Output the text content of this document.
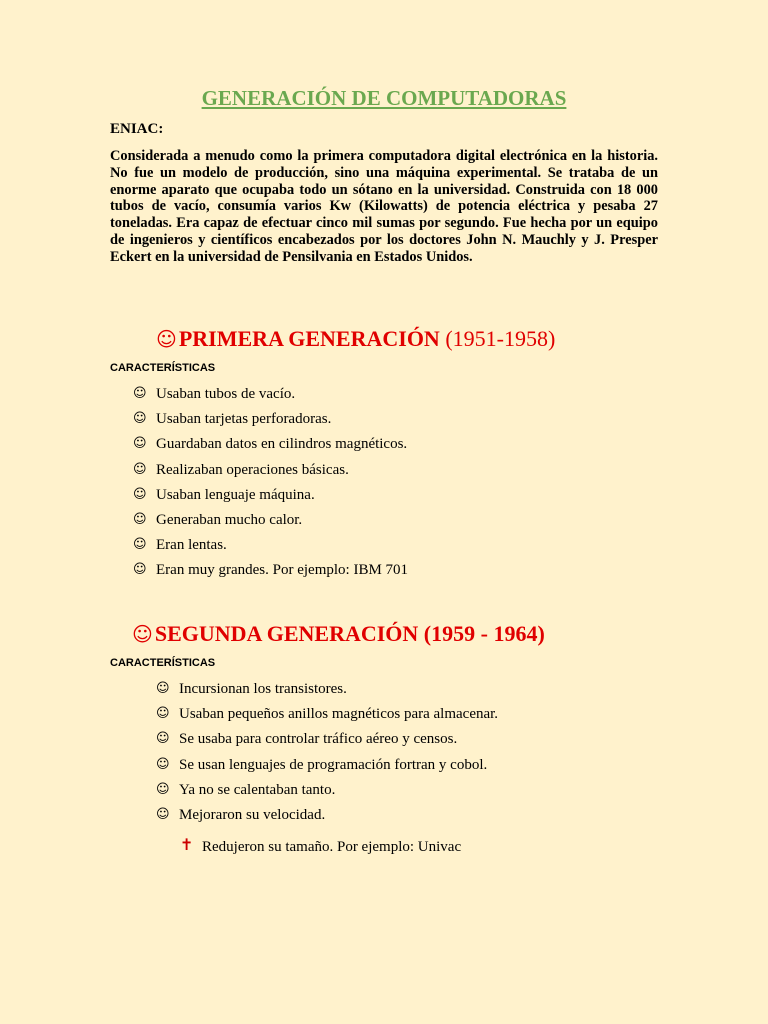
GENERACIÓN DE COMPUTADORAS

ENIAC:

Considerada a menudo como la primera computadora digital electrónica en la historia. No fue un modelo de producción, sino una máquina experimental. Se trataba de un enorme aparato que ocupaba todo un sótano en la universidad. Construida con 18 000 tubos de vacío, consumía varios Kw (Kilowatts) de potencia eléctrica y pesaba 27 toneladas. Era capaz de efectuar cinco mil sumas por segundo. Fue hecha por un equipo de ingenieros y científicos encabezados por los doctores John N. Mauchly y J. Presper Eckert en la universidad de Pensilvania en Estados Unidos.

☺PRIMERA GENERACIÓN (1951-1958)

CARACTERÍSTICAS

☺ Usaban tubos de vacío.
☺ Usaban tarjetas perforadoras.
☺ Guardaban datos en cilindros magnéticos.
☺ Realizaban operaciones básicas.
☺ Usaban lenguaje máquina.
☺ Generaban mucho calor.
☺ Eran lentas.
☺ Eran muy grandes. Por ejemplo: IBM 701
☺SEGUNDA GENERACIÓN (1959 - 1964)

CARACTERÍSTICAS

☺ Incursionan los transistores.
☺ Usaban pequeños anillos magnéticos para almacenar.
☺ Se usaba para controlar tráfico aéreo y censos.
☺ Se usan lenguajes de programación fortran y cobol.
☺ Ya no se calentaban tanto.
☺ Mejoraron su velocidad.

✝ Redujeron su tamaño. Por ejemplo: Univac
